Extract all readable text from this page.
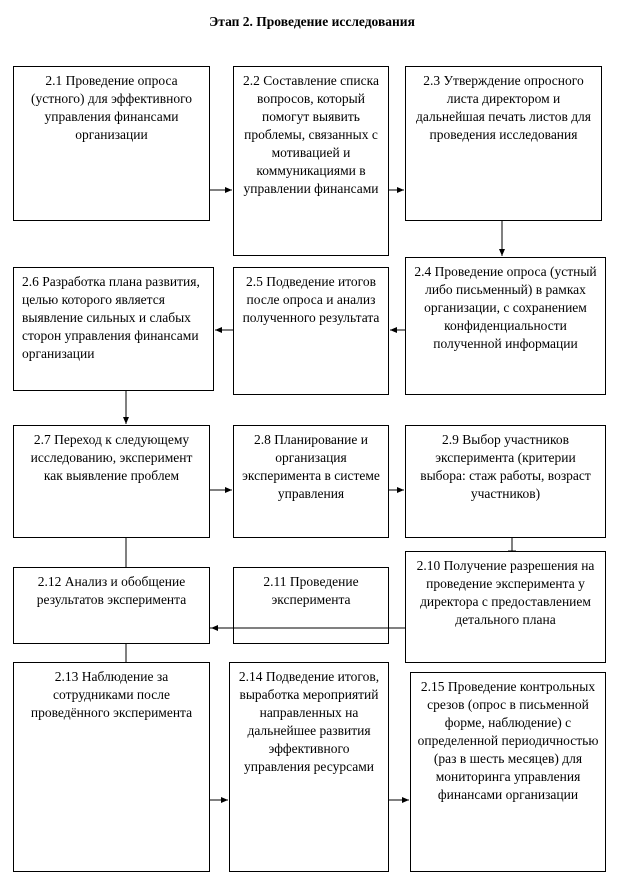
Этап 2. Проведение исследования
2.1 Проведение опроса (устного) для эффективного управления финансами организации
2.2 Составление списка вопросов, который помогут выявить проблемы, связанных с мотивацией и коммуникациями в управлении финансами
2.3 Утверждение опросного листа директором и дальнейшая печать листов для проведения исследования
2.6 Разработка плана развития, целью которого является выявление сильных и слабых сторон управления финансами организации
2.5 Подведение итогов после опроса и анализ полученного результата
2.4 Проведение опроса (устный либо письменный) в рамках организации, с сохранением конфиденциальности полученной информации
2.7 Переход к следующему исследованию, эксперимент как выявление проблем
2.8 Планирование и организация эксперимента в системе управления
2.9 Выбор участников эксперимента (критерии выбора: стаж работы, возраст участников)
2.12 Анализ и обобщение результатов эксперимента
2.11 Проведение эксперимента
2.10 Получение разрешения на проведение эксперимента у директора с предоставлением детального плана
2.13 Наблюдение за сотрудниками после проведённого эксперимента
2.14 Подведение итогов, выработка мероприятий направленных на дальнейшее развития эффективного управления ресурсами
2.15 Проведение контрольных срезов (опрос в письменной форме, наблюдение) с определенной периодичностью (раз в шесть месяцев) для мониторинга управления финансами организации
